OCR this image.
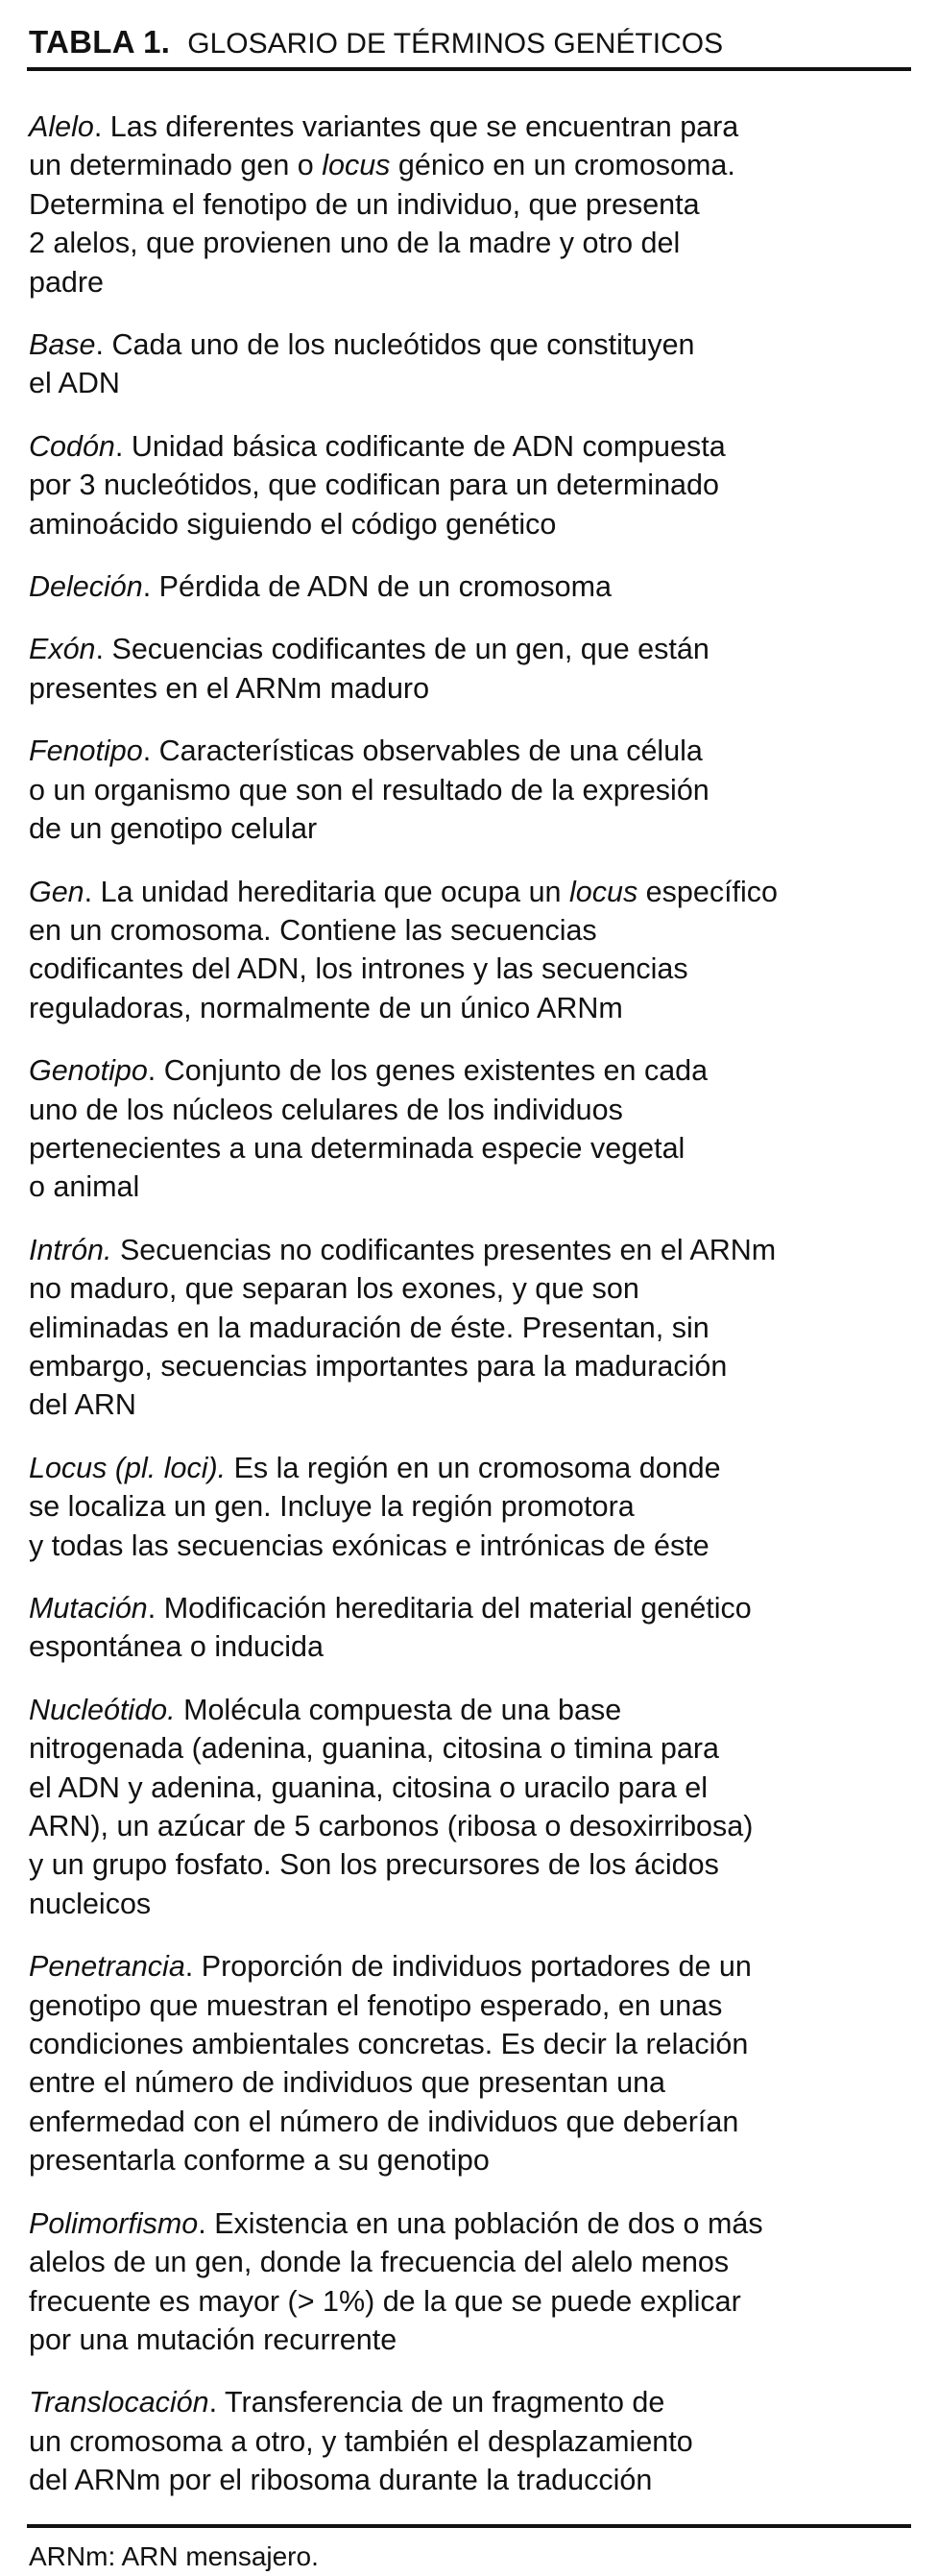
TABLA 1. GLOSARIO DE TÉRMINOS GENÉTICOS
Alelo. Las diferentes variantes que se encuentran para
un determinado gen o locus génico en un cromosoma.
Determina el fenotipo de un individuo, que presenta
2 alelos, que provienen uno de la madre y otro del
padre
Base. Cada uno de los nucleótidos que constituyen
el ADN
Codón. Unidad básica codificante de ADN compuesta
por 3 nucleótidos, que codifican para un determinado
aminoácido siguiendo el código genético
Deleción. Pérdida de ADN de un cromosoma
Exón. Secuencias codificantes de un gen, que están
presentes en el ARNm maduro
Fenotipo. Características observables de una célula
o un organismo que son el resultado de la expresión
de un genotipo celular
Gen. La unidad hereditaria que ocupa un locus específico
en un cromosoma. Contiene las secuencias
codificantes del ADN, los intrones y las secuencias
reguladoras, normalmente de un único ARNm
Genotipo. Conjunto de los genes existentes en cada
uno de los núcleos celulares de los individuos
pertenecientes a una determinada especie vegetal
o animal
Intrón. Secuencias no codificantes presentes en el ARNm
no maduro, que separan los exones, y que son
eliminadas en la maduración de éste. Presentan, sin
embargo, secuencias importantes para la maduración
del ARN
Locus (pl. loci). Es la región en un cromosoma donde
se localiza un gen. Incluye la región promotora
y todas las secuencias exónicas e intrónicas de éste
Mutación. Modificación hereditaria del material genético
espontánea o inducida
Nucleótido. Molécula compuesta de una base
nitrogenada (adenina, guanina, citosina o timina para
el ADN y adenina, guanina, citosina o uracilo para el
ARN), un azúcar de 5 carbonos (ribosa o desoxirribosa)
y un grupo fosfato. Son los precursores de los ácidos
nucleicos
Penetrancia. Proporción de individuos portadores de un
genotipo que muestran el fenotipo esperado, en unas
condiciones ambientales concretas. Es decir la relación
entre el número de individuos que presentan una
enfermedad con el número de individuos que deberían
presentarla conforme a su genotipo
Polimorfismo. Existencia en una población de dos o más
alelos de un gen, donde la frecuencia del alelo menos
frecuente es mayor (> 1%) de la que se puede explicar
por una mutación recurrente
Translocación. Transferencia de un fragmento de
un cromosoma a otro, y también el desplazamiento
del ARNm por el ribosoma durante la traducción
ARNm: ARN mensajero.
